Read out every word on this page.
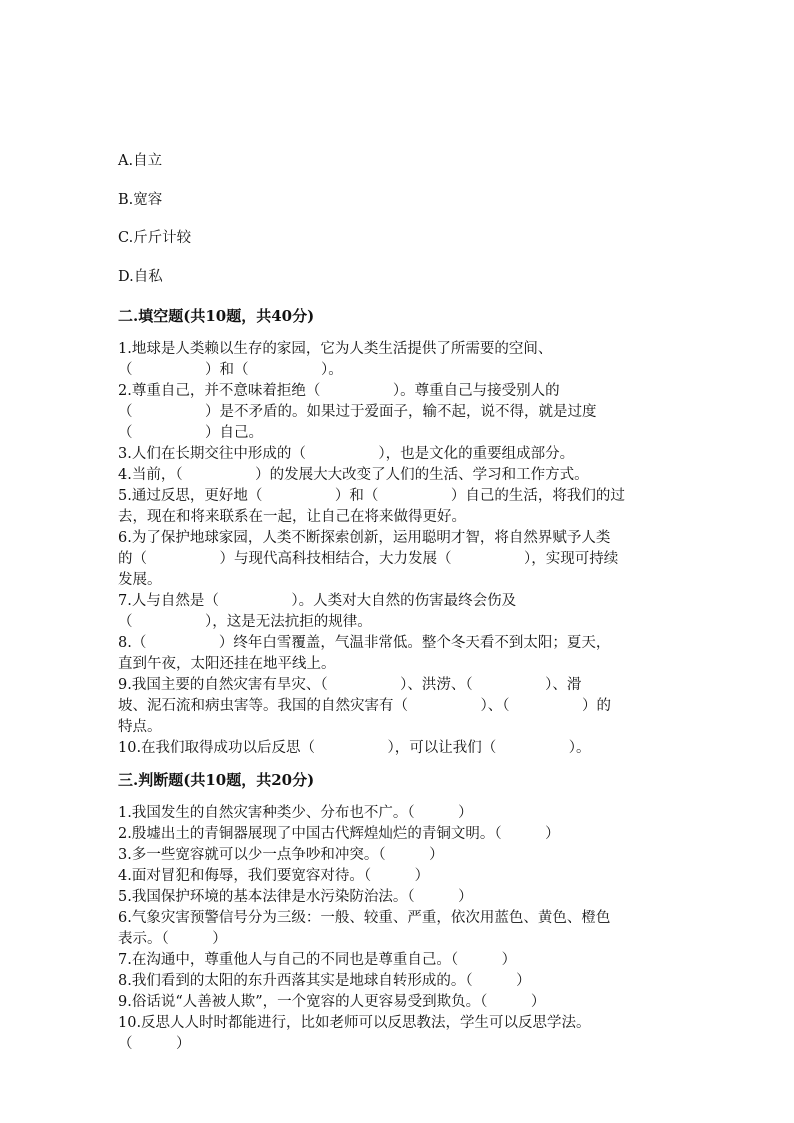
A.自立
B.宽容
C.斤斤计较
D.自私
二.填空题(共10题，共40分)
1.地球是人类赖以生存的家园，它为人类生活提供了所需要的空间、
（　　　　　）和（　　　　　）。
2.尊重自己，并不意味着拒绝（　　　　　）。尊重自己与接受别人的
（　　　　　）是不矛盾的。如果过于爱面子，输不起，说不得，就是过度
（　　　　　）自己。
3.人们在长期交往中形成的（　　　　　），也是文化的重要组成部分。
4.当前，（　　　　　）的发展大大改变了人们的生活、学习和工作方式。
5.通过反思，更好地（　　　　　）和（　　　　　）自己的生活，将我们的过
去，现在和将来联系在一起，让自己在将来做得更好。
6.为了保护地球家园，人类不断探索创新，运用聪明才智，将自然界赋予人类
的（　　　　　）与现代高科技相结合，大力发展（　　　　　），实现可持续
发展。
7.人与自然是（　　　　　）。人类对大自然的伤害最终会伤及
（　　　　　），这是无法抗拒的规律。
8.（　　　　　）终年白雪覆盖，气温非常低。整个冬天看不到太阳；夏天，
直到午夜，太阳还挂在地平线上。
9.我国主要的自然灾害有旱灾、（　　　　　）、洪涝、（　　　　　）、滑
坡、泥石流和病虫害等。我国的自然灾害有（　　　　　）、（　　　　　）的
特点。
10.在我们取得成功以后反思（　　　　　），可以让我们（　　　　　）。
三.判断题(共10题，共20分)
1.我国发生的自然灾害种类少、分布也不广。（　　　）
2.殷墟出土的青铜器展现了中国古代辉煌灿烂的青铜文明。（　　　）
3.多一些宽容就可以少一点争吵和冲突。（　　　）
4.面对冒犯和侮辱，我们要宽容对待。（　　　）
5.我国保护环境的基本法律是水污染防治法。（　　　）
6.气象灾害预警信号分为三级：一般、较重、严重，依次用蓝色、黄色、橙色
表示。（　　　）
7.在沟通中，尊重他人与自己的不同也是尊重自己。（　　　）
8.我们看到的太阳的东升西落其实是地球自转形成的。（　　　）
9.俗话说“人善被人欺”，一个宽容的人更容易受到欺负。（　　　）
10.反思人人时时都能进行，比如老师可以反思教法，学生可以反思学法。
（　　　）
